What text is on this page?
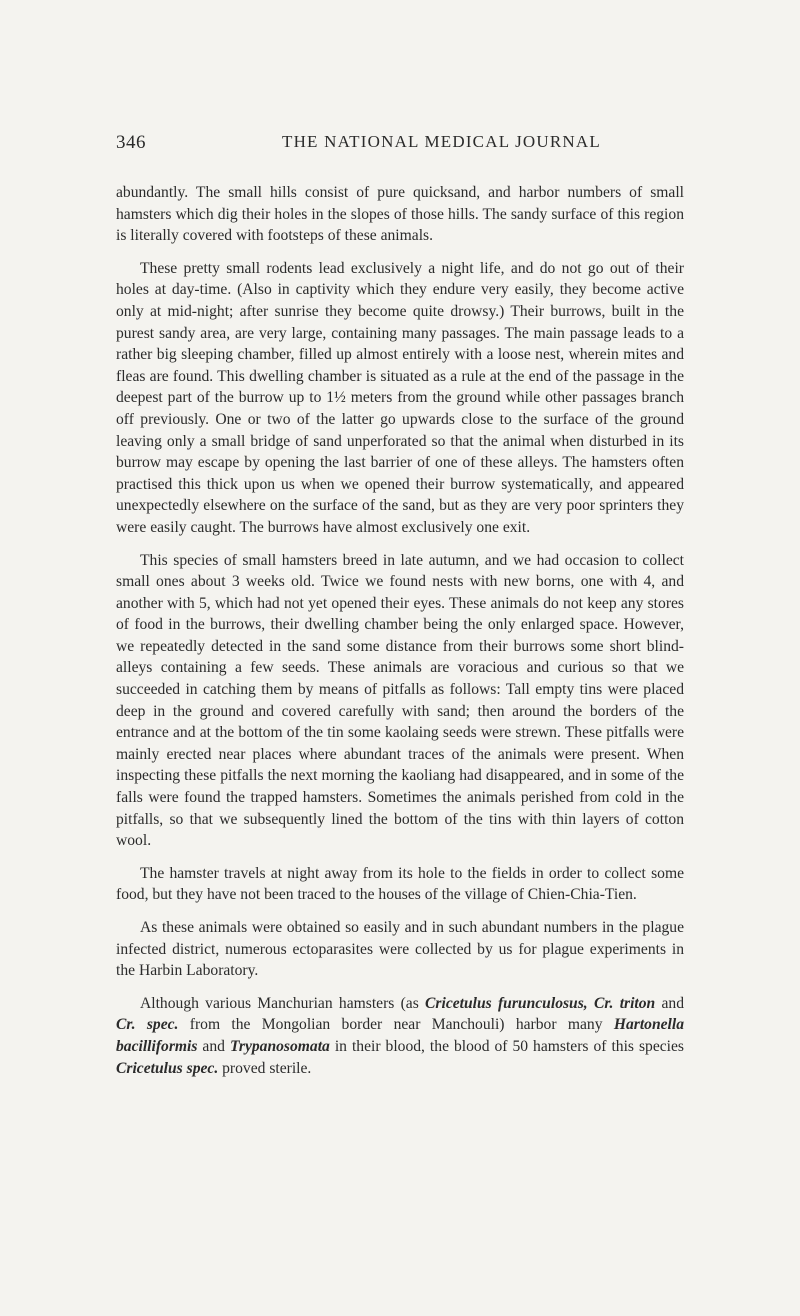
346	THE NATIONAL MEDICAL JOURNAL

abundantly. The small hills consist of pure quicksand, and harbor numbers of small hamsters which dig their holes in the slopes of those hills. The sandy surface of this region is literally covered with footsteps of these animals.

These pretty small rodents lead exclusively a night life, and do not go out of their holes at day-time. (Also in captivity which they endure very easily, they become active only at mid-night; after sunrise they become quite drowsy.) Their burrows, built in the purest sandy area, are very large, containing many passages. The main passage leads to a rather big sleeping chamber, filled up almost entirely with a loose nest, wherein mites and fleas are found. This dwelling chamber is situated as a rule at the end of the passage in the deepest part of the burrow up to 1½ meters from the ground while other passages branch off previously. One or two of the latter go upwards close to the surface of the ground leaving only a small bridge of sand unperforated so that the animal when disturbed in its burrow may escape by opening the last barrier of one of these alleys. The hamsters often practised this thick upon us when we opened their burrow systematically, and appeared unexpectedly elsewhere on the surface of the sand, but as they are very poor sprinters they were easily caught. The burrows have almost exclusively one exit.

This species of small hamsters breed in late autumn, and we had occasion to collect small ones about 3 weeks old. Twice we found nests with new borns, one with 4, and another with 5, which had not yet opened their eyes. These animals do not keep any stores of food in the burrows, their dwelling chamber being the only enlarged space. However, we repeatedly detected in the sand some distance from their burrows some short blind-alleys containing a few seeds. These animals are voracious and curious so that we succeeded in catching them by means of pitfalls as follows: Tall empty tins were placed deep in the ground and covered carefully with sand; then around the borders of the entrance and at the bottom of the tin some kaolaing seeds were strewn. These pitfalls were mainly erected near places where abundant traces of the animals were present. When inspecting these pitfalls the next morning the kaoliang had disappeared, and in some of the falls were found the trapped hamsters. Sometimes the animals perished from cold in the pitfalls, so that we subsequently lined the bottom of the tins with thin layers of cotton wool.

The hamster travels at night away from its hole to the fields in order to collect some food, but they have not been traced to the houses of the village of Chien-Chia-Tien.

As these animals were obtained so easily and in such abundant numbers in the plague infected district, numerous ectoparasites were collected by us for plague experiments in the Harbin Laboratory.

Although various Manchurian hamsters (as Cricetulus furunculosus, Cr. triton and Cr. spec. from the Mongolian border near Manchouli) harbor many Hartonella bacilliformis and Trypanosomata in their blood, the blood of 50 hamsters of this species Cricetulus spec. proved sterile.
